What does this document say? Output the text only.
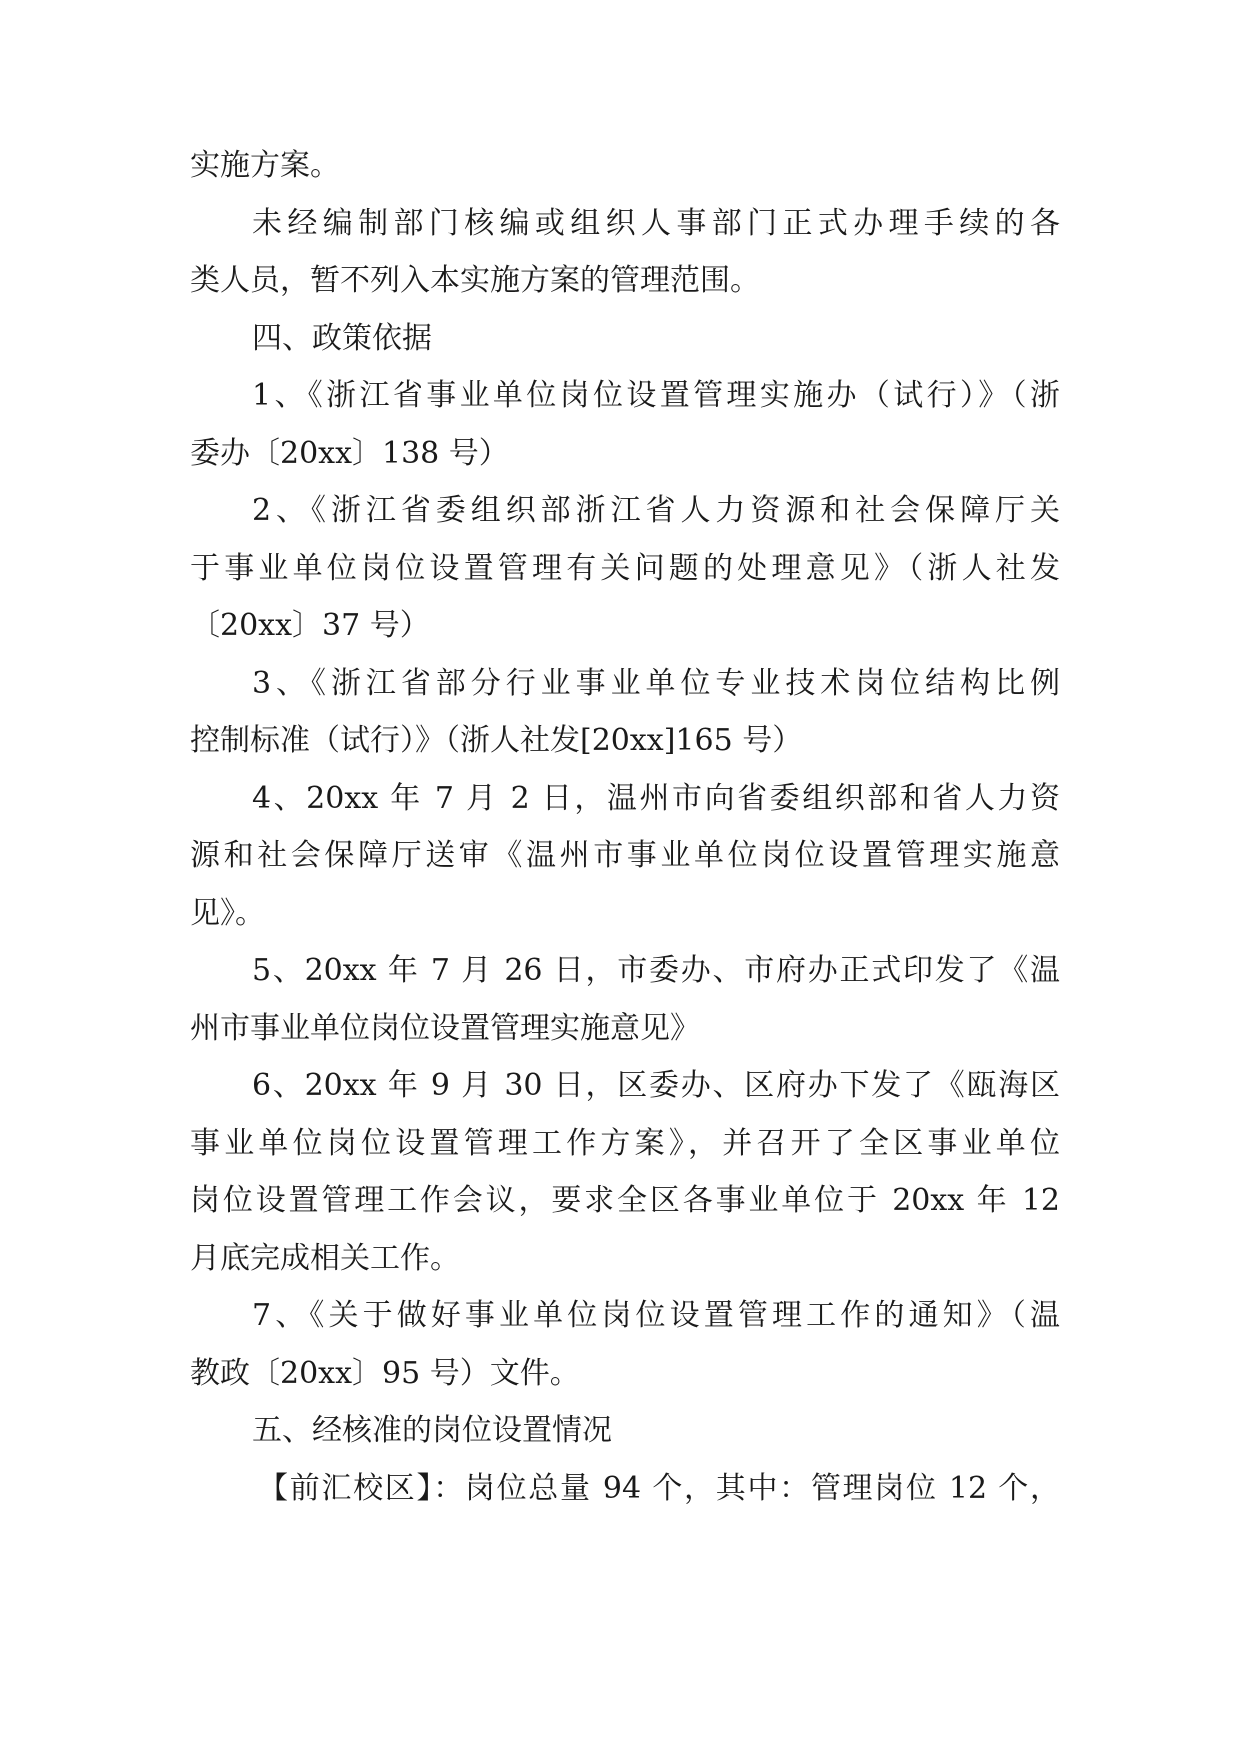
实施方案。
未经编制部门核编或组织人事部门正式办理手续的各
类人员，暂不列入本实施方案的管理范围。
四、政策依据
1、《浙江省事业单位岗位设置管理实施办（试行）》（浙
委办〔20xx〕138 号）
2、《浙江省委组织部浙江省人力资源和社会保障厅关
于事业单位岗位设置管理有关问题的处理意见》（浙人社发
〔20xx〕37 号）
3、《浙江省部分行业事业单位专业技术岗位结构比例
控制标准（试行）》（浙人社发[20xx]165 号）
4、20xx 年 7 月 2 日，温州市向省委组织部和省人力资
源和社会保障厅送审《温州市事业单位岗位设置管理实施意
见》。
5、20xx 年 7 月 26 日，市委办、市府办正式印发了《温
州市事业单位岗位设置管理实施意见》
6、20xx 年 9 月 30 日，区委办、区府办下发了《瓯海区
事业单位岗位设置管理工作方案》，并召开了全区事业单位
岗位设置管理工作会议，要求全区各事业单位于 20xx 年 12
月底完成相关工作。
7、《关于做好事业单位岗位设置管理工作的通知》（温
教政〔20xx〕95 号）文件。
五、经核准的岗位设置情况
【前汇校区】：岗位总量 94 个，其中：管理岗位 12 个，
